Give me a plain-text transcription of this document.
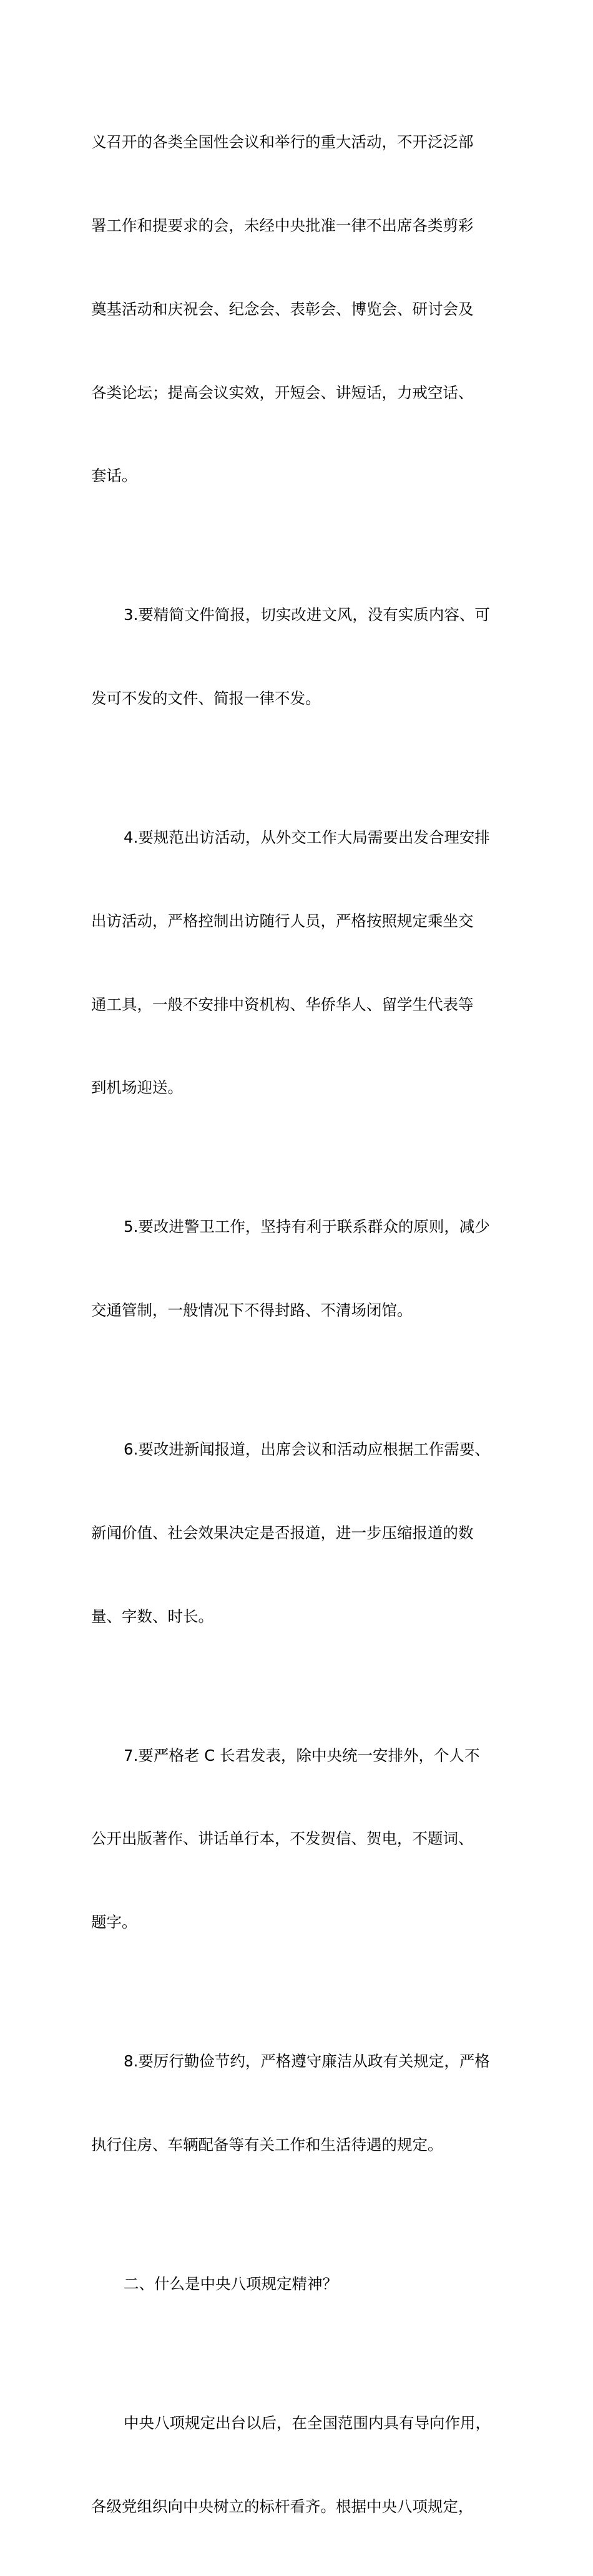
义召开的各类全国性会议和举行的重大活动，不开泛泛部

署工作和提要求的会，未经中央批准一律不出席各类剪彩

奠基活动和庆祝会、纪念会、表彰会、博览会、研讨会及

各类论坛；提高会议实效，开短会、讲短话，力戒空话、

套话。

3.要精简文件简报，切实改进文风，没有实质内容、可

发可不发的文件、简报一律不发。

4.要规范出访活动，从外交工作大局需要出发合理安排

出访活动，严格控制出访随行人员，严格按照规定乘坐交

通工具，一般不安排中资机构、华侨华人、留学生代表等

到机场迎送。

5.要改进警卫工作，坚持有利于联系群众的原则，减少

交通管制，一般情况下不得封路、不清场闭馆。

6.要改进新闻报道，出席会议和活动应根据工作需要、

新闻价值、社会效果决定是否报道，进一步压缩报道的数

量、字数、时长。

7.要严格老 C 长君发表，除中央统一安排外，个人不

公开出版著作、讲话单行本，不发贺信、贺电，不题词、

题字。

8.要厉行勤俭节约，严格遵守廉洁从政有关规定，严格

执行住房、车辆配备等有关工作和生活待遇的规定。

二、什么是中央八项规定精神？

中央八项规定出台以后，在全国范围内具有导向作用，

各级党组织向中央树立的标杆看齐。根据中央八项规定，
